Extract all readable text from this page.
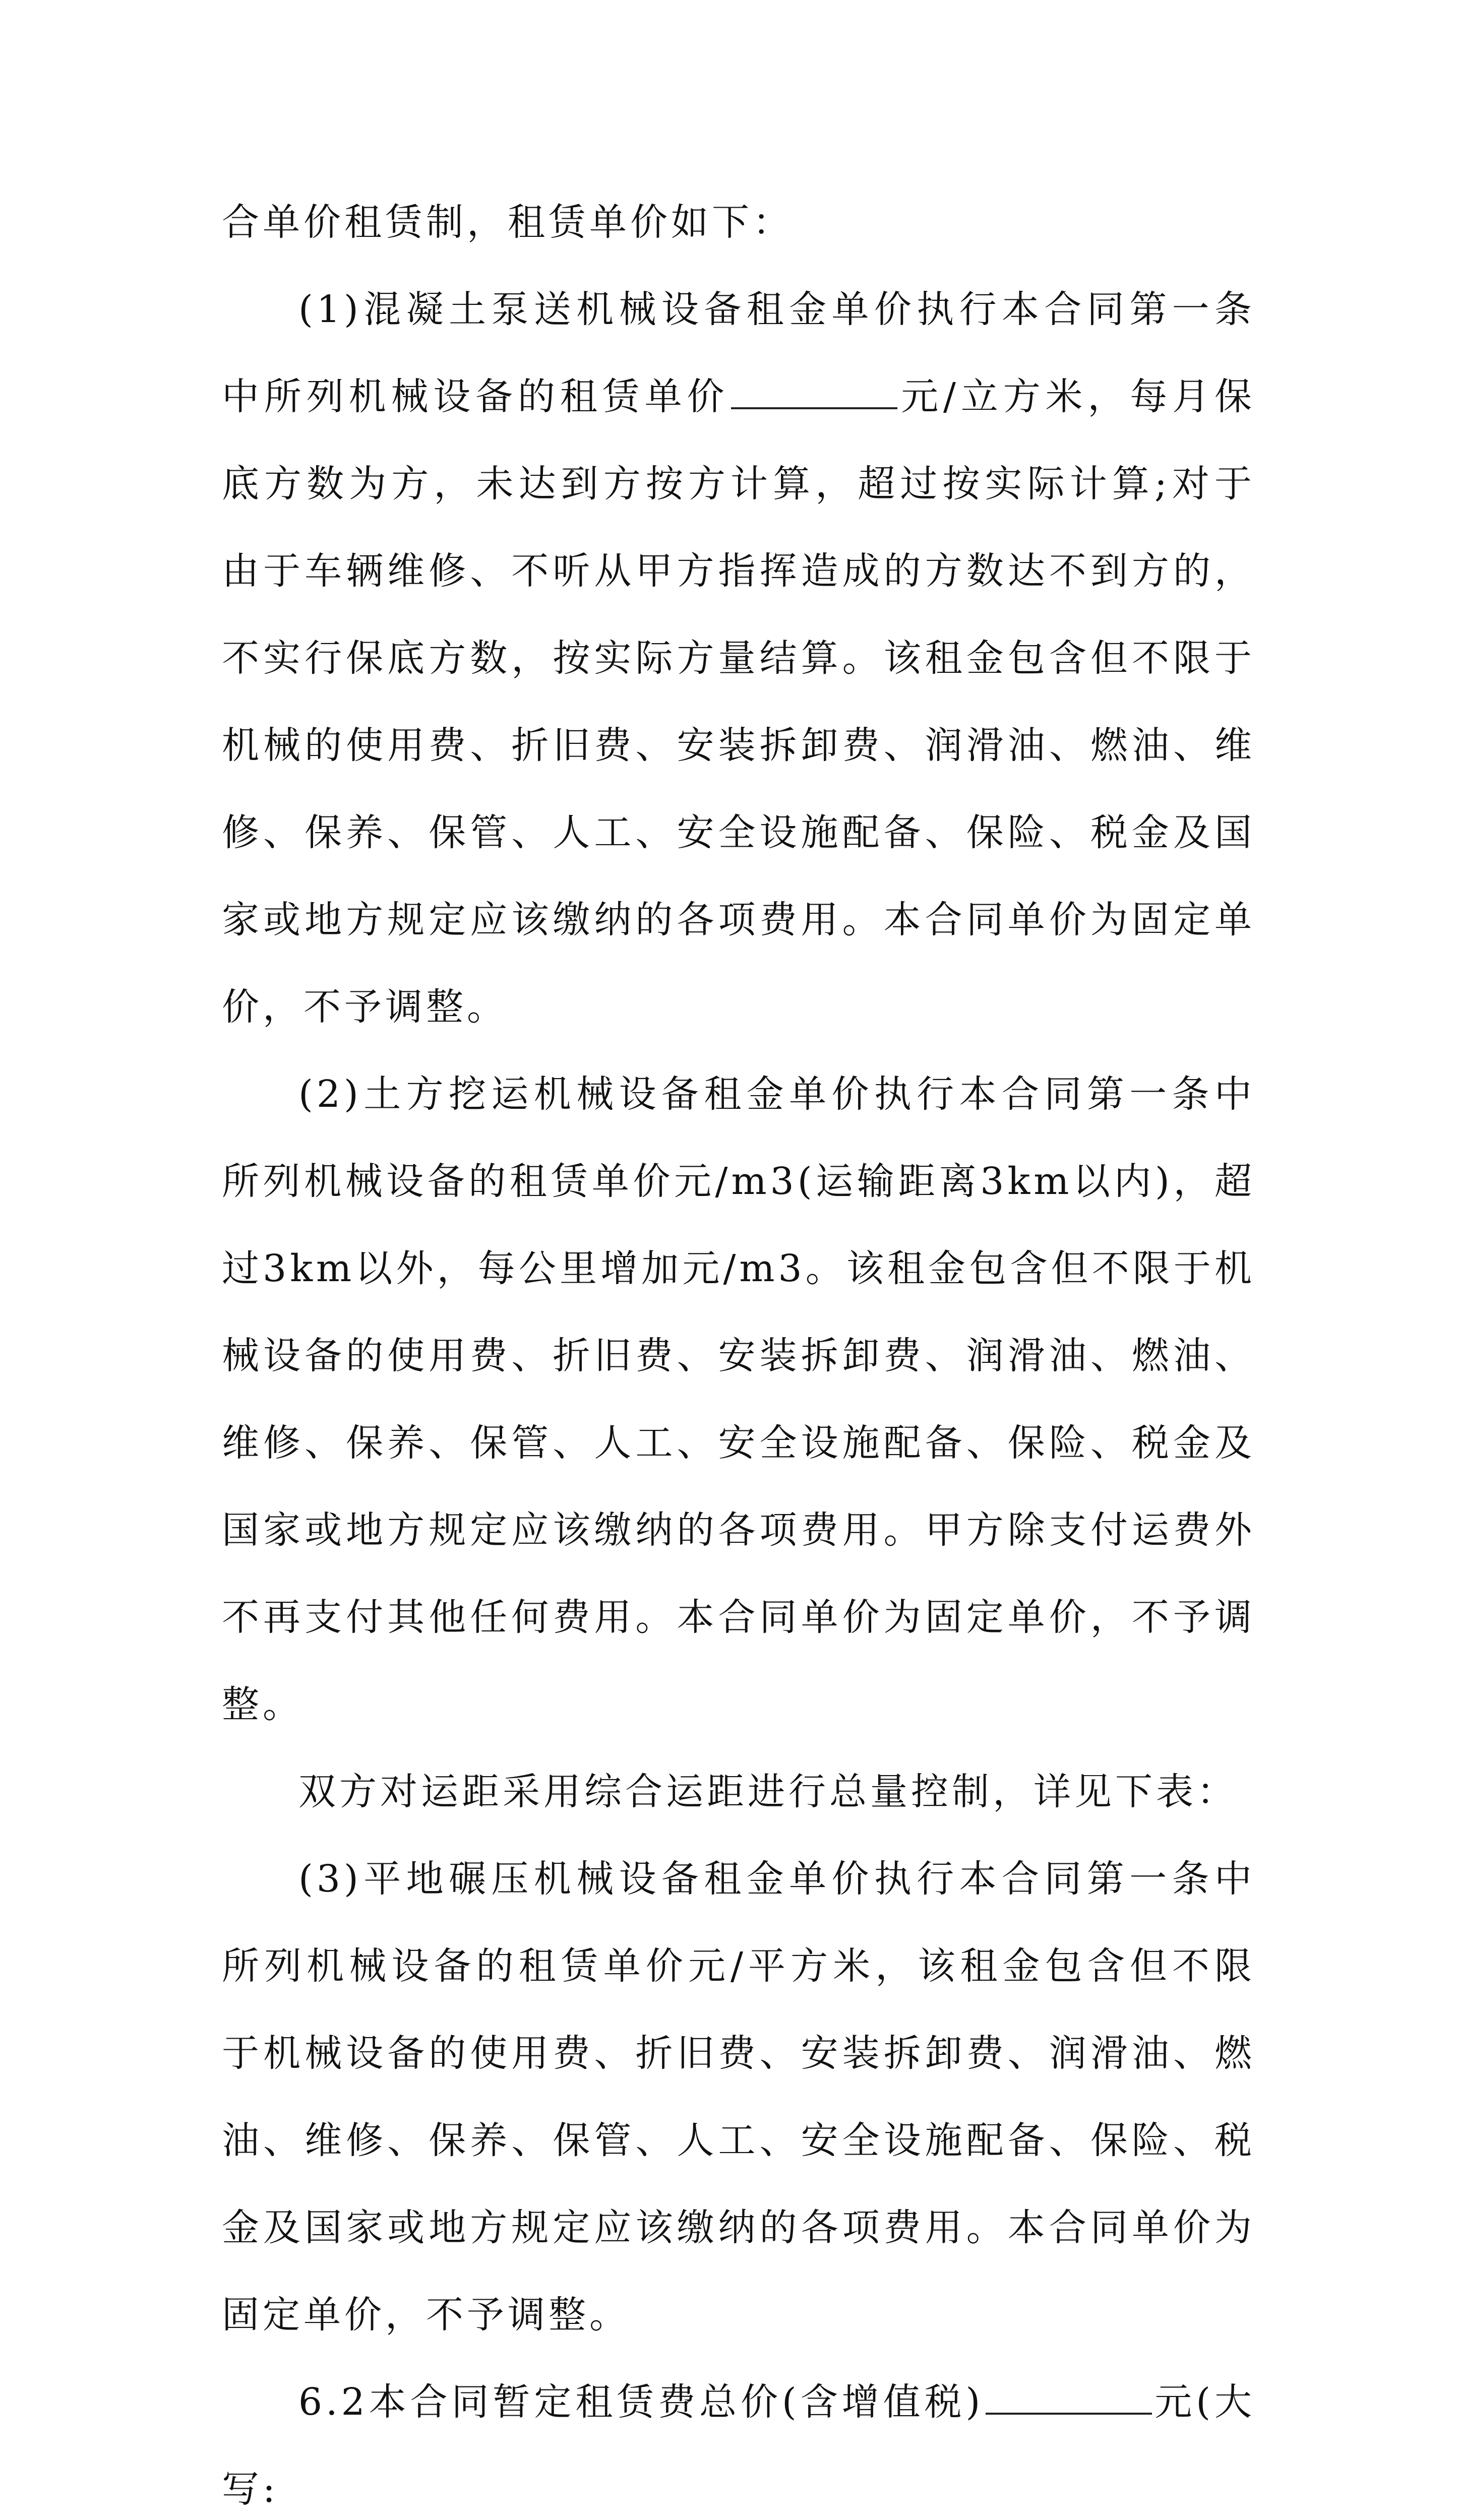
合单价租赁制，租赁单价如下：

(1)混凝土泵送机械设备租金单价执行本合同第一条中所列机械设备的租赁单价	元/立方米，每月保底方数为方，未达到方按方计算，超过按实际计算;对于由于车辆维修、不听从甲方指挥造成的方数达不到方的，不实行保底方数，按实际方量结算。该租金包含但不限于机械的使用费、折旧费、安装拆卸费、润滑油、燃油、维修、保养、保管、人工、安全设施配备、保险、税金及国家或地方规定应该缴纳的各项费用。本合同单价为固定单价，不予调整。

(2)土方挖运机械设备租金单价执行本合同第一条中所列机械设备的租赁单价元/m3(运输距离3km以内)，超过3km以外，每公里增加元/m3。该租金包含但不限于机械设备的使用费、折旧费、安装拆卸费、润滑油、燃油、维修、保养、保管、人工、安全设施配备、保险、税金及国家或地方规定应该缴纳的各项费用。甲方除支付运费外不再支付其他任何费用。本合同单价为固定单价，不予调整。

双方对运距采用综合运距进行总量控制，详见下表：

(3)平地碾压机械设备租金单价执行本合同第一条中所列机械设备的租赁单价元/平方米，该租金包含但不限于机械设备的使用费、折旧费、安装拆卸费、润滑油、燃油、维修、保养、保管、人工、安全设施配备、保险、税金及国家或地方规定应该缴纳的各项费用。本合同单价为固定单价，不予调整。

6.2本合同暂定租赁费总价(含增值税)	元(大写:
